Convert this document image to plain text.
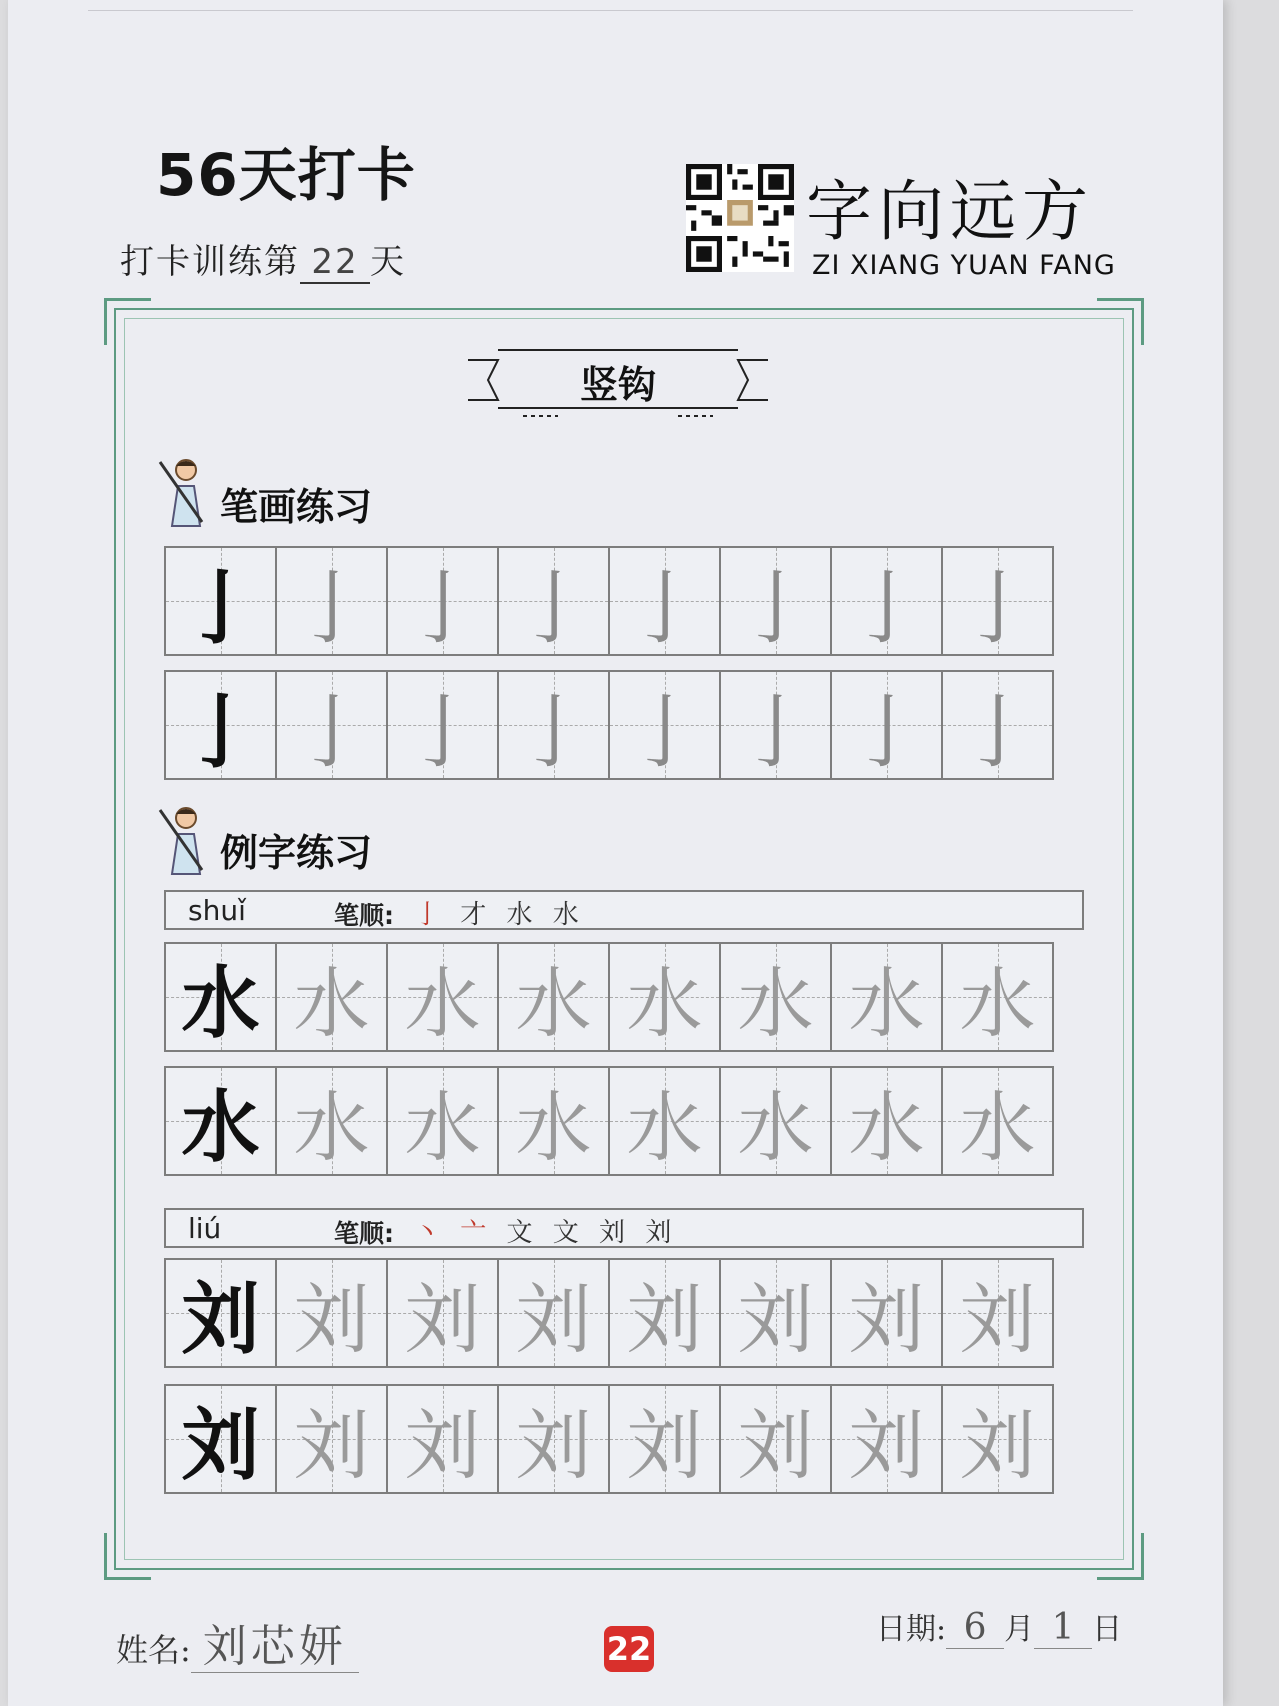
56天打卡
打卡训练第 22 天
字向远方
ZI XIANG YUAN FANG
竖钩
笔画练习
亅 亅 亅 亅 亅 亅 亅 亅
亅 亅 亅 亅 亅 亅 亅 亅
例字练习
shuǐ	笔顺: 亅 才 水 水
水 水 水 水 水 水 水 水
水 水 水 水 水 水 水 水
liú	笔顺: 丶 亠 文 文 刘 刘
刘 刘 刘 刘 刘 刘 刘 刘
刘 刘 刘 刘 刘 刘 刘 刘
姓名: 刘芯妍	22
日期: 6 月 1 日
